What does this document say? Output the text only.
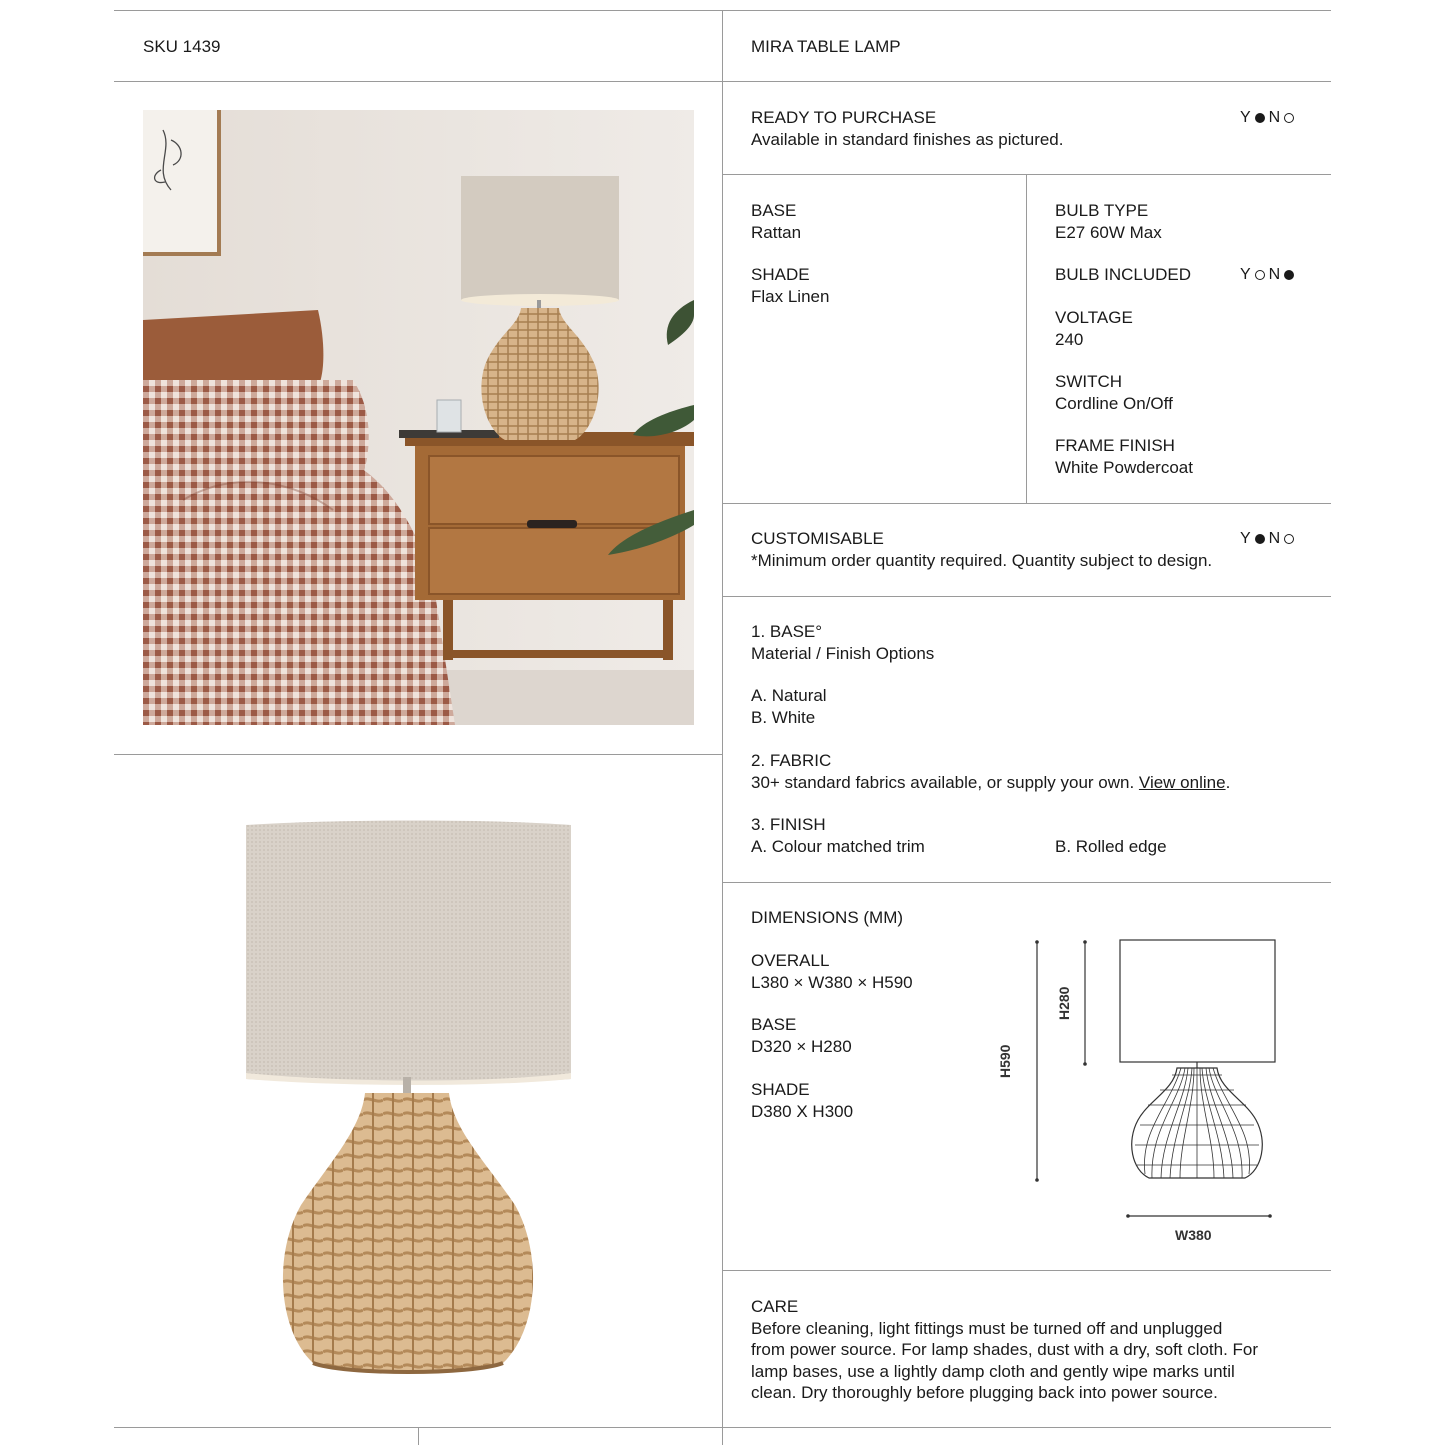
SKU 1439	MIRA TABLE LAMP
READY TO PURCHASE
Available in standard finishes as pictured.
Y N
BASE
Rattan
SHADE
Flax Linen
BULB TYPE
E27 60W Max
BULB INCLUDED	Y N
VOLTAGE
240
SWITCH
Cordline On/Off
FRAME FINISH
White Powdercoat
CUSTOMISABLE
*Minimum order quantity required. Quantity subject to design.
Y N
1. BASE°
Material / Finish Options
A. Natural
B. White
2. FABRIC
30+ standard fabrics available, or supply your own. View online.
3. FINISH
A. Colour matched trim	B. Rolled edge
DIMENSIONS (MM)
OVERALL
L380 × W380 × H590
BASE
D320 × H280
SHADE
D380 X H300
H590
H280
W380
CARE
Before cleaning, light fittings must be turned off and unplugged
from power source. For lamp shades, dust with a dry, soft cloth. For
lamp bases, use a lightly damp cloth and gently wipe marks until
clean. Dry thoroughly before plugging back into power source.
